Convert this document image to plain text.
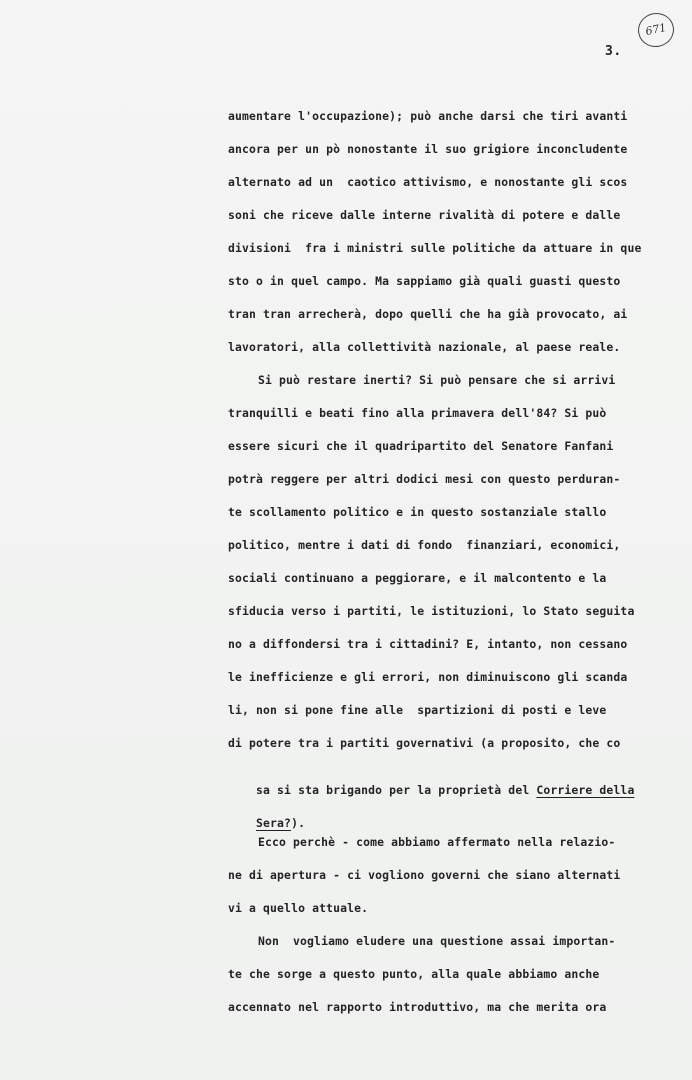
671
3.
aumentare l'occupazione); può anche darsi che tiri avanti
ancora per un pò nonostante il suo grigiore inconcludente
alternato ad un  caotico attivismo, e nonostante gli scos
soni che riceve dalle interne rivalità di potere e dalle
divisioni  fra i ministri sulle politiche da attuare in que
sto o in quel campo. Ma sappiamo già quali guasti questo
tran tran arrecherà, dopo quelli che ha già provocato, ai
lavoratori, alla collettività nazionale, al paese reale.
Si può restare inerti? Si può pensare che si arrivi
tranquilli e beati fino alla primavera dell'84? Si può
essere sicuri che il quadripartito del Senatore Fanfani
potrà reggere per altri dodici mesi con questo perduran-
te scollamento politico e in questo sostanziale stallo
politico, mentre i dati di fondo  finanziari, economici,
sociali continuano a peggiorare, e il malcontento e la
sfiducia verso i partiti, le istituzioni, lo Stato seguita
no a diffondersi tra i cittadini? E, intanto, non cessano
le inefficienze e gli errori, non diminuiscono gli scanda
li, non si pone fine alle  spartizioni di posti e leve
di potere tra i partiti governativi (a proposito, che co

sa si sta brigando per la proprietà del Corriere della

Sera?).

Ecco perchè - come abbiamo affermato nella relazio-
ne di apertura - ci vogliono governi che siano alternati
vi a quello attuale.
Non  vogliamo eludere una questione assai importan-
te che sorge a questo punto, alla quale abbiamo anche
accennato nel rapporto introduttivo, ma che merita ora
